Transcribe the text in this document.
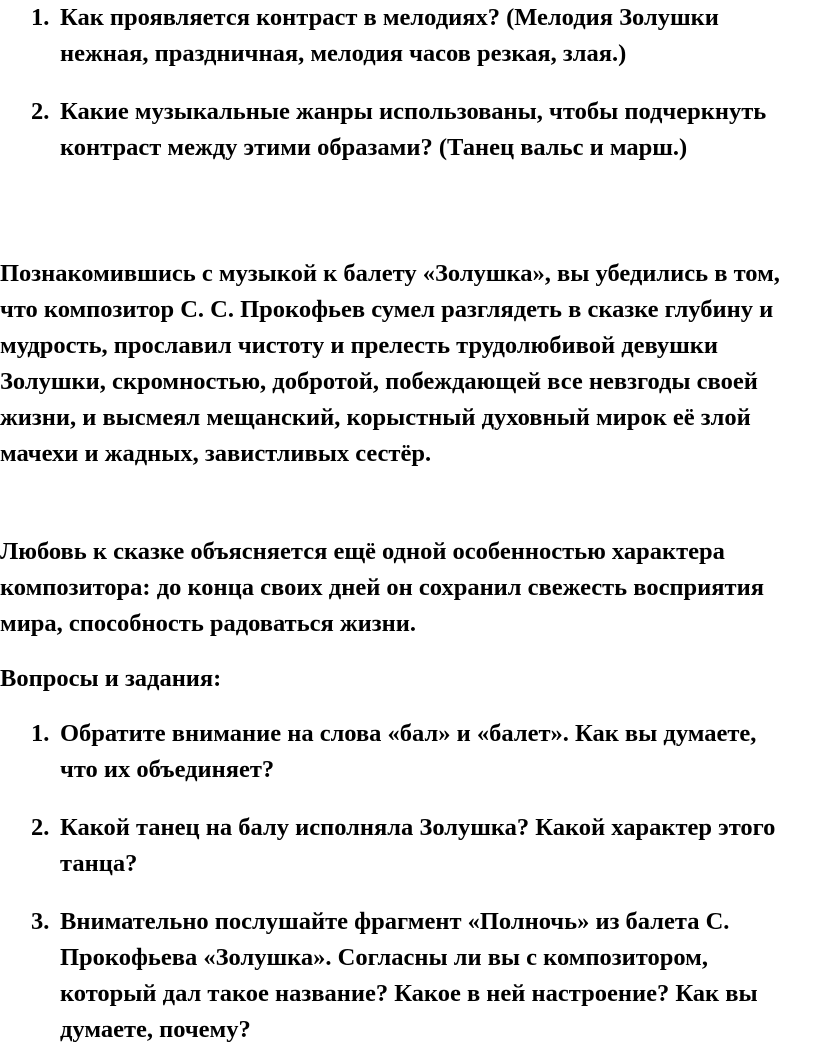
1. Как проявляется контраст в мелодиях? (Мелодия Золушки нежная, праздничная, мелодия часов резкая, злая.)
2. Какие музыкальные жанры использованы, чтобы подчеркнуть контраст между этими образами? (Танец вальс и марш.)

Познакомившись с музыкой к балету «Золушка», вы убедились в том, что композитор С. С. Прокофьев сумел разглядеть в сказке глубину и мудрость, прославил чистоту и прелесть трудолюбивой девушки Золушки, скромностью, добротой, побеждающей все невзгоды своей жизни, и высмеял мещанский, корыстный духовный мирок её злой мачехи и жадных, завистливых сестёр.

Любовь к сказке объясняется ещё одной особенностью характера композитора: до конца своих дней он сохранил свежесть восприятия мира, способность радоваться жизни.

Вопросы и задания:
1. Обратите внимание на слова «бал» и «балет». Как вы думаете, что их объединяет?
2. Какой танец на балу исполняла Золушка? Какой характер этого танца?
3. Внимательно послушайте фрагмент «Полночь» из балета С. Прокофьева «Золушка». Согласны ли вы с композитором, который дал такое название? Какое в ней настроение? Как вы думаете, почему?
